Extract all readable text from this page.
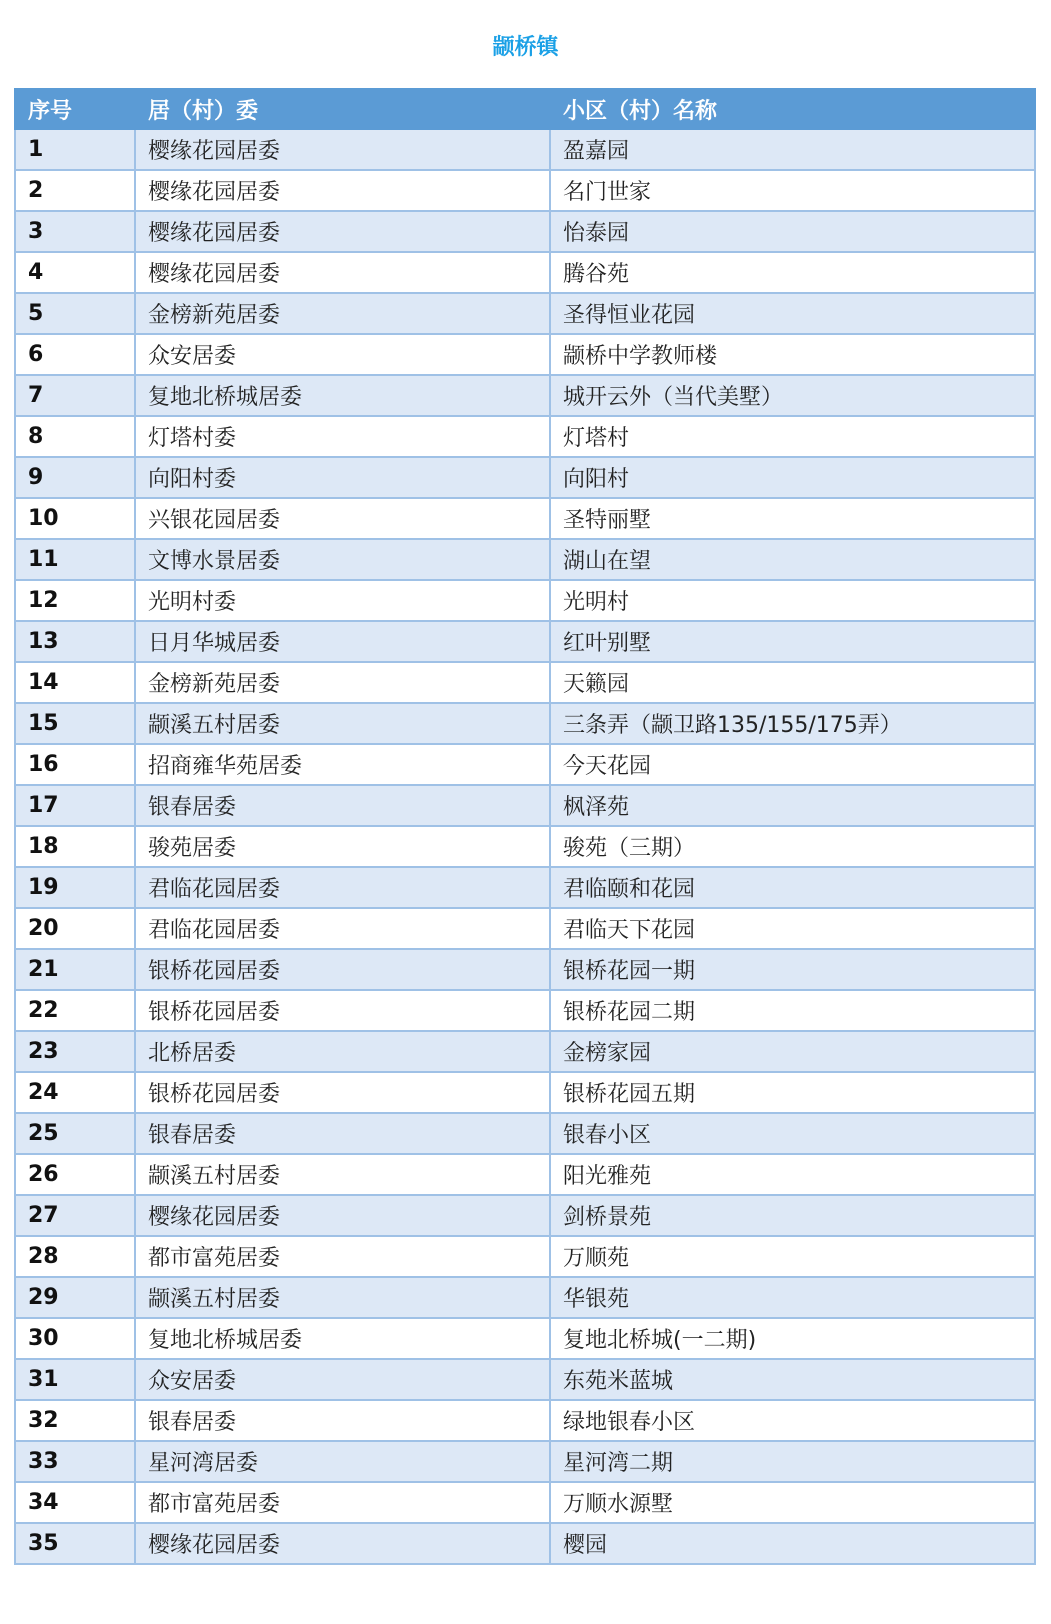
颛桥镇
序号	居（村）委	小区（村）名称
1	樱缘花园居委	盈嘉园
2	樱缘花园居委	名门世家
3	樱缘花园居委	怡泰园
4	樱缘花园居委	腾谷苑
5	金榜新苑居委	圣得恒业花园
6	众安居委	颛桥中学教师楼
7	复地北桥城居委	城开云外（当代美墅）
8	灯塔村委	灯塔村
9	向阳村委	向阳村
10	兴银花园居委	圣特丽墅
11	文博水景居委	湖山在望
12	光明村委	光明村
13	日月华城居委	红叶别墅
14	金榜新苑居委	天籁园
15	颛溪五村居委	三条弄（颛卫路135/155/175弄）
16	招商雍华苑居委	今天花园
17	银春居委	枫泽苑
18	骏苑居委	骏苑（三期）
19	君临花园居委	君临颐和花园
20	君临花园居委	君临天下花园
21	银桥花园居委	银桥花园一期
22	银桥花园居委	银桥花园二期
23	北桥居委	金榜家园
24	银桥花园居委	银桥花园五期
25	银春居委	银春小区
26	颛溪五村居委	阳光雅苑
27	樱缘花园居委	剑桥景苑
28	都市富苑居委	万顺苑
29	颛溪五村居委	华银苑
30	复地北桥城居委	复地北桥城(一二期)
31	众安居委	东苑米蓝城
32	银春居委	绿地银春小区
33	星河湾居委	星河湾二期
34	都市富苑居委	万顺水源墅
35	樱缘花园居委	樱园
